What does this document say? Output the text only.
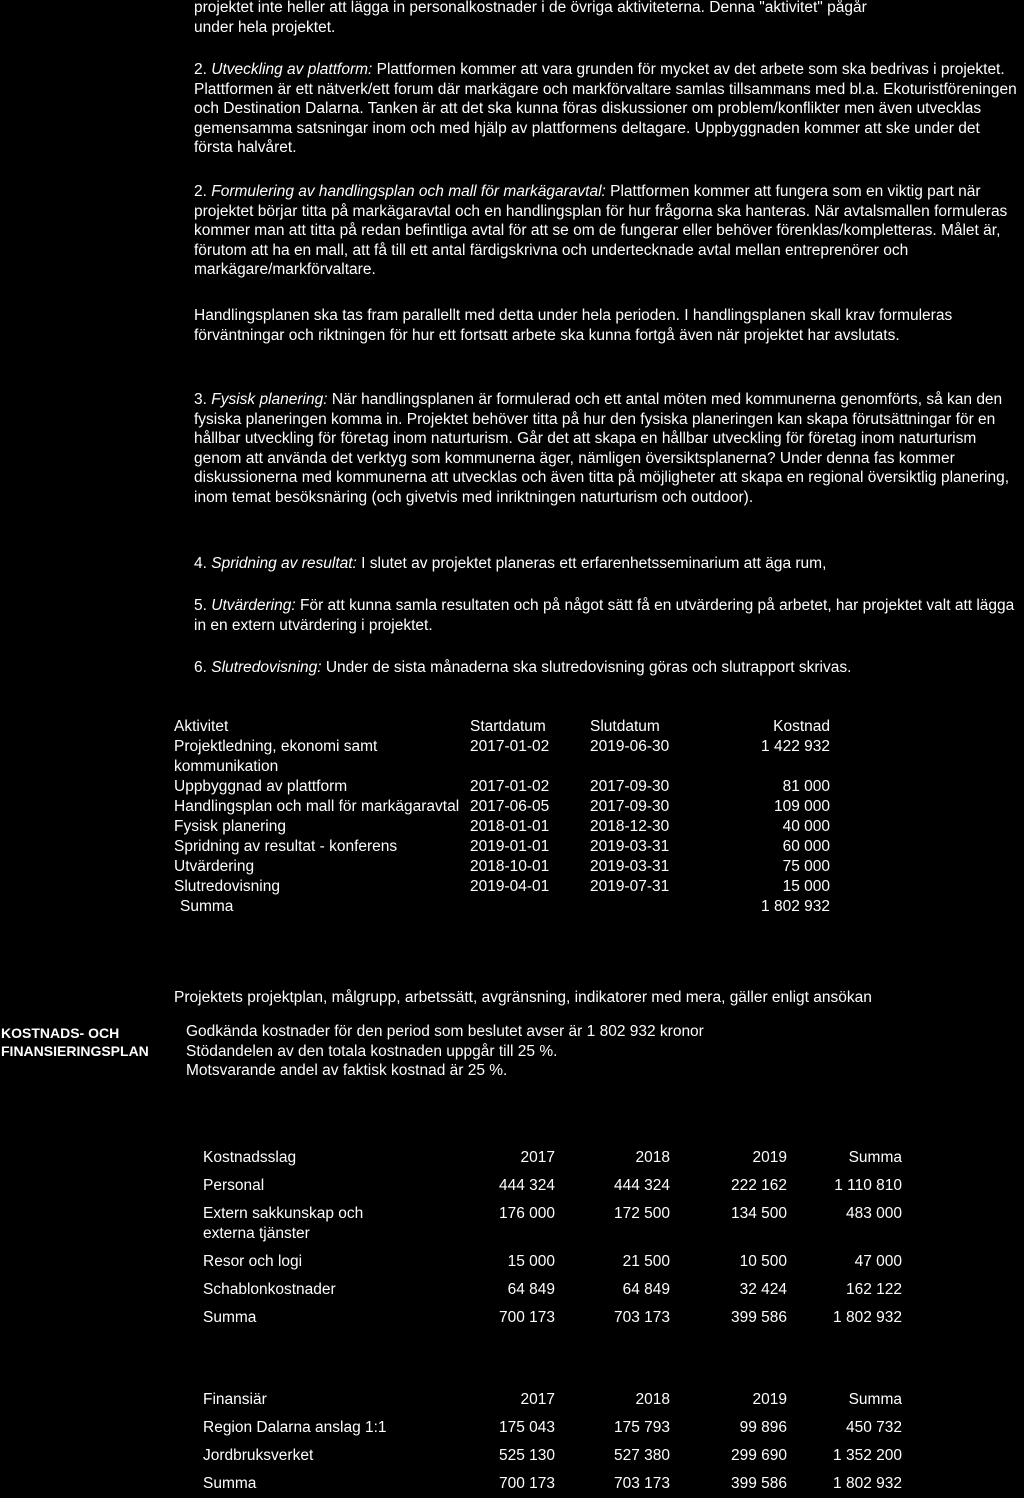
projektet inte heller att lägga in personalkostnader i de övriga aktiviteterna. Denna "aktivitet" pågår
under hela projektet.

2. Utveckling av plattform: Plattformen kommer att vara grunden för mycket av det arbete som ska bedrivas i projektet. Plattformen är ett nätverk/ett forum där markägare och markförvaltare samlas tillsammans med bl.a. Ekoturistföreningen och Destination Dalarna. Tanken är att det ska kunna föras diskussioner om problem/konflikter men även utvecklas gemensamma satsningar inom och med hjälp av plattformens deltagare. Uppbyggnaden kommer att ske under det första halvåret.

2. Formulering av handlingsplan och mall för markägaravtal: Plattformen kommer att fungera som en viktig part när projektet börjar titta på markägaravtal och en handlingsplan för hur frågorna ska hanteras. När avtalsmallen formuleras kommer man att titta på redan befintliga avtal för att se om de fungerar eller behöver förenklas/kompletteras. Målet är, förutom att ha en mall, att få till ett antal färdigskrivna och undertecknade avtal mellan entreprenörer och markägare/markförvaltare.

Handlingsplanen ska tas fram parallellt med detta under hela perioden. I handlingsplanen skall krav formuleras förväntningar och riktningen för hur ett fortsatt arbete ska kunna fortgå även när projektet har avslutats.

3. Fysisk planering: När handlingsplanen är formulerad och ett antal möten med kommunerna genomförts, så kan den fysiska planeringen komma in. Projektet behöver titta på hur den fysiska planeringen kan skapa förutsättningar för en hållbar utveckling för företag inom naturturism. Går det att skapa en hållbar utveckling för företag inom naturturism genom att använda det verktyg som kommunerna äger, nämligen översiktsplanerna? Under denna fas kommer diskussionerna med kommunerna att utvecklas och även titta på möjligheter att skapa en regional översiktlig planering, inom temat besöksnäring (och givetvis med inriktningen naturturism och outdoor).

4. Spridning av resultat: I slutet av projektet planeras ett erfarenhetsseminarium att äga rum,

5. Utvärdering: För att kunna samla resultaten och på något sätt få en utvärdering på arbetet, har projektet valt att lägga in en extern utvärdering i projektet.

6. Slutredovisning: Under de sista månaderna ska slutredovisning göras och slutrapport skrivas.

Aktivitet	Startdatum	Slutdatum	Kostnad
Projektledning, ekonomi samt kommunikation	2017-01-02	2019-06-30	1 422 932
Uppbyggnad av plattform	2017-01-02	2017-09-30	81 000
Handlingsplan och mall för markägaravtal	2017-06-05	2017-09-30	109 000
Fysisk planering	2018-01-01	2018-12-30	40 000
Spridning av resultat - konferens	2019-01-01	2019-03-31	60 000
Utvärdering	2018-10-01	2019-03-31	75 000
Slutredovisning	2019-04-01	2019-07-31	15 000
Summa			1 802 932

Projektets projektplan, målgrupp, arbetssätt, avgränsning, indikatorer med mera, gäller enligt ansökan

KOSTNADS- OCH
FINANSIERINGSPLAN

Godkända kostnader för den period som beslutet avser är 1 802 932 kronor
Stödandelen av den totala kostnaden uppgår till 25 %.
Motsvarande andel av faktisk kostnad är 25 %.

Kostnadsslag	2017	2018	2019	Summa
Personal	444 324	444 324	222 162	1 110 810
Extern sakkunskap och externa tjänster	176 000	172 500	134 500	483 000
Resor och logi	15 000	21 500	10 500	47 000
Schablonkostnader	64 849	64 849	32 424	162 122
Summa	700 173	703 173	399 586	1 802 932
Finansiär	2017	2018	2019	Summa
Region Dalarna anslag 1:1	175 043	175 793	99 896	450 732
Jordbruksverket	525 130	527 380	299 690	1 352 200
Summa	700 173	703 173	399 586	1 802 932
